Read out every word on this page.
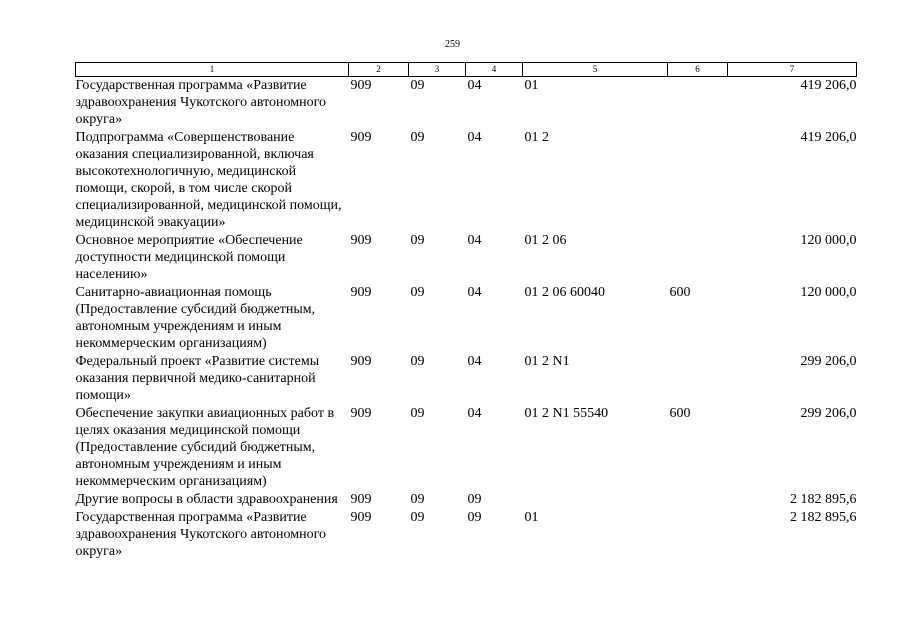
259
1	2	3	4	5	6	7
Государственная программа «Развитие здравоохранения Чукотского автономного округа»	909	09	04	01		419 206,0
Подпрограмма «Совершенствование оказания специализированной, включая высокотехнологичную, медицинской помощи, скорой, в том числе скорой специализированной, медицинской помощи, медицинской эвакуации»	909	09	04	01 2		419 206,0
Основное мероприятие «Обеспечение доступности медицинской помощи населению»	909	09	04	01 2 06		120 000,0
Санитарно-авиационная помощь (Предоставление субсидий бюджетным, автономным учреждениям и иным некоммерческим организациям)	909	09	04	01 2 06 60040	600	120 000,0
Федеральный проект «Развитие системы оказания первичной медико-санитарной помощи»	909	09	04	01 2 N1		299 206,0
Обеспечение закупки авиационных работ в целях оказания медицинской помощи (Предоставление субсидий бюджетным, автономным учреждениям и иным некоммерческим организациям)	909	09	04	01 2 N1 55540	600	299 206,0
Другие вопросы в области здравоохранения	909	09	09			2 182 895,6
Государственная программа «Развитие здравоохранения Чукотского автономного округа»	909	09	09	01		2 182 895,6
